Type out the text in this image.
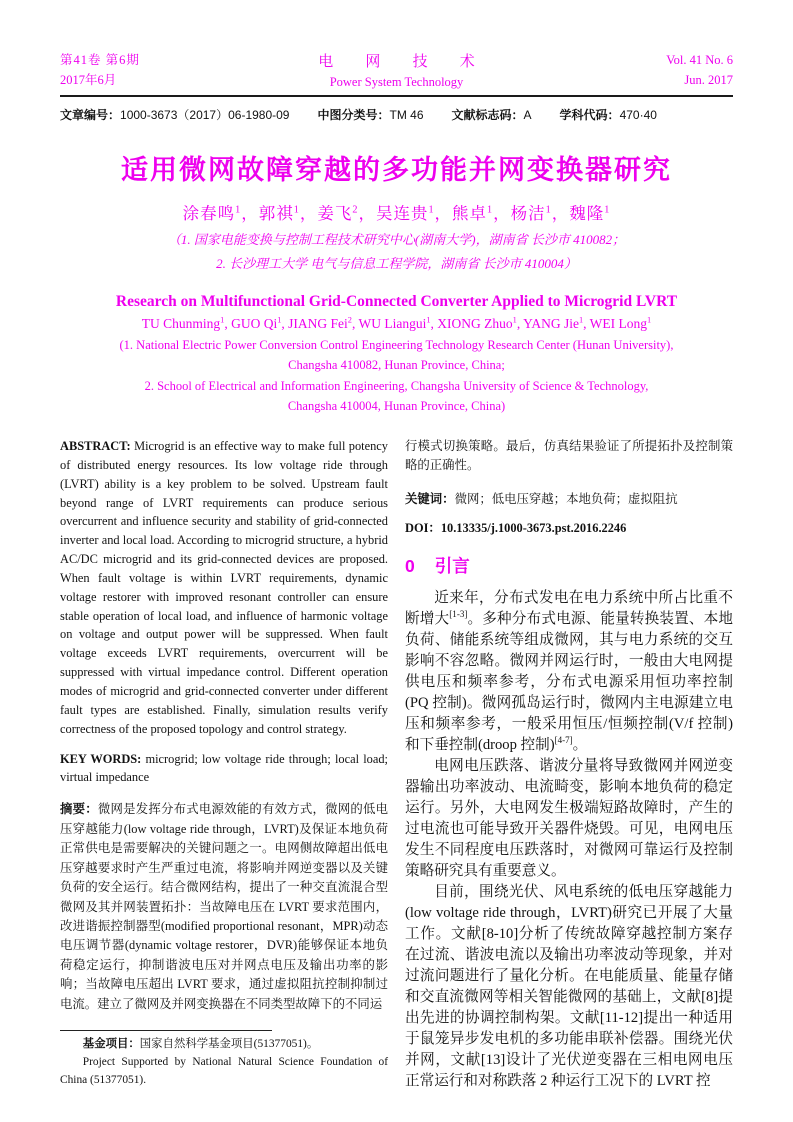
第41卷 第6期
2017年6月
电 网 技 术
Power System Technology
Vol. 41 No. 6
Jun. 2017
文章编号：1000-3673（2017）06-1980-09 中图分类号：TM 46 文献标志码：A 学科代码：470·40
适用微网故障穿越的多功能并网变换器研究
涂春鸣$^1$，郭祺$^1$，姜飞$^2$，吴连贵$^1$，熊卓$^1$，杨洁$^1$，魏隆$^1$
（1. 国家电能变换与控制工程技术研究中心(湖南大学)，湖南省 长沙市 410082；
2. 长沙理工大学 电气与信息工程学院，湖南省 长沙市 410004）
Research on Multifunctional Grid-Connected Converter Applied to Microgrid LVRT
TU Chunming$^1$, GUO Qi$^1$, JIANG Fei$^2$, WU Liangui$^1$, XIONG Zhuo$^1$, YANG Jie$^1$, WEI Long$^1$
(1. National Electric Power Conversion Control Engineering Technology Research Center (Hunan University),
Changsha 410082, Hunan Province, China;
2. School of Electrical and Information Engineering, Changsha University of Science & Technology,
Changsha 410004, Hunan Province, China)

ABSTRACT: Microgrid is an effective way to make full potency of distributed energy resources. Its low voltage ride through (LVRT) ability is a key problem to be solved. Upstream fault beyond range of LVRT requirements can produce serious overcurrent and influence security and stability of grid-connected inverter and local load. According to microgrid structure, a hybrid AC/DC microgrid and its grid-connected devices are proposed. When fault voltage is within LVRT requirements, dynamic voltage restorer with improved resonant controller can ensure stable operation of local load, and influence of harmonic voltage on voltage and output power will be suppressed. When fault voltage exceeds LVRT requirements, overcurrent will be suppressed with virtual impedance control. Different operation modes of microgrid and grid-connected converter under different fault types are established. Finally, simulation results verify correctness of the proposed topology and control strategy.

KEY WORDS: microgrid; low voltage ride through; local load; virtual impedance

摘要：微网是发挥分布式电源效能的有效方式，微网的低电压穿越能力(low voltage ride through，LVRT)及保证本地负荷正常供电是需要解决的关键问题之一。电网侧故障超出低电压穿越要求时产生严重过电流，将影响并网逆变器以及关键负荷的安全运行。结合微网结构，提出了一种交直流混合型微网及其并网装置拓扑：当故障电压在 LVRT 要求范围内，改进谐振控制器型(modified proportional resonant，MPR)动态电压调节器(dynamic voltage restorer，DVR)能够保证本地负荷稳定运行，抑制谐波电压对并网点电压及输出功率的影响；当故障电压超出 LVRT 要求，通过虚拟阻抗控制抑制过电流。建立了微网及并网变换器在不同类型故障下的不同运

基金项目：国家自然科学基金项目(51377051)。

Project Supported by National Natural Science Foundation of China (51377051).

行模式切换策略。最后，仿真结果验证了所提拓扑及控制策略的正确性。

关键词：微网；低电压穿越；本地负荷；虚拟阻抗

DOI：10.13335/j.1000-3673.pst.2016.2246

0 引言

近来年，分布式发电在电力系统中所占比重不断增大[1-3]。多种分布式电源、能量转换装置、本地负荷、储能系统等组成微网，其与电力系统的交互影响不容忽略。微网并网运行时，一般由大电网提供电压和频率参考，分布式电源采用恒功率控制(PQ 控制)。微网孤岛运行时，微网内主电源建立电压和频率参考，一般采用恒压/恒频控制(V/f 控制)和下垂控制(droop 控制)[4-7]。

电网电压跌落、谐波分量将导致微网并网逆变器输出功率波动、电流畸变，影响本地负荷的稳定运行。另外，大电网发生极端短路故障时，产生的过电流也可能导致开关器件烧毁。可见，电网电压发生不同程度电压跌落时，对微网可靠运行及控制策略研究具有重要意义。

目前，围绕光伏、风电系统的低电压穿越能力(low voltage ride through，LVRT)研究已开展了大量工作。文献[8-10]分析了传统故障穿越控制方案存在过流、谐波电流以及输出功率波动等现象，并对过流问题进行了量化分析。在电能质量、能量存储和交直流微网等相关智能微网的基础上，文献[8]提出先进的协调控制构架。文献[11-12]提出一种适用于鼠笼异步发电机的多功能串联补偿器。围绕光伏并网，文献[13]设计了光伏逆变器在三相电网电压正常运行和对称跌落 2 种运行工况下的 LVRT 控
